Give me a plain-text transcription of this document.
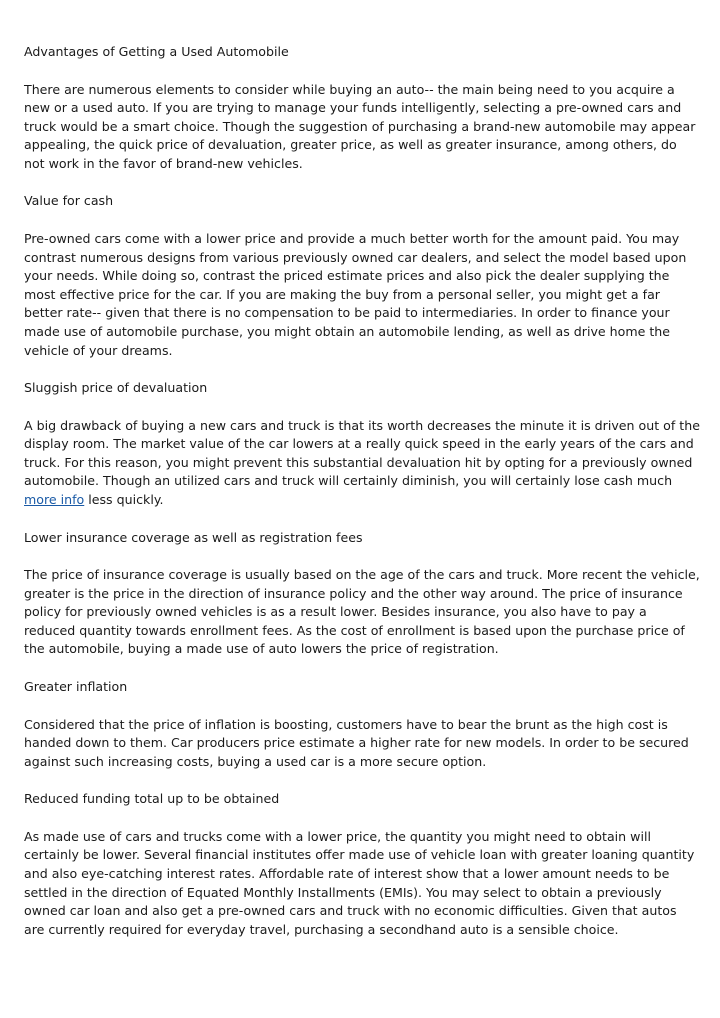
Advantages of Getting a Used Automobile

There are numerous elements to consider while buying an auto-- the main being need to you acquire a new or a used auto. If you are trying to manage your funds intelligently, selecting a pre-owned cars and truck would be a smart choice. Though the suggestion of purchasing a brand-new automobile may appear appealing, the quick price of devaluation, greater price, as well as greater insurance, among others, do not work in the favor of brand-new vehicles.

Value for cash

Pre-owned cars come with a lower price and provide a much better worth for the amount paid. You may contrast numerous designs from various previously owned car dealers, and select the model based upon your needs. While doing so, contrast the priced estimate prices and also pick the dealer supplying the most effective price for the car. If you are making the buy from a personal seller, you might get a far better rate-- given that there is no compensation to be paid to intermediaries. In order to finance your made use of automobile purchase, you might obtain an automobile lending, as well as drive home the vehicle of your dreams.

Sluggish price of devaluation

A big drawback of buying a new cars and truck is that its worth decreases the minute it is driven out of the display room. The market value of the car lowers at a really quick speed in the early years of the cars and truck. For this reason, you might prevent this substantial devaluation hit by opting for a previously owned automobile. Though an utilized cars and truck will certainly diminish, you will certainly lose cash much more info less quickly.

Lower insurance coverage as well as registration fees

The price of insurance coverage is usually based on the age of the cars and truck. More recent the vehicle, greater is the price in the direction of insurance policy and the other way around. The price of insurance policy for previously owned vehicles is as a result lower. Besides insurance, you also have to pay a reduced quantity towards enrollment fees. As the cost of enrollment is based upon the purchase price of the automobile, buying a made use of auto lowers the price of registration.

Greater inflation

Considered that the price of inflation is boosting, customers have to bear the brunt as the high cost is handed down to them. Car producers price estimate a higher rate for new models. In order to be secured against such increasing costs, buying a used car is a more secure option.

Reduced funding total up to be obtained

As made use of cars and trucks come with a lower price, the quantity you might need to obtain will certainly be lower. Several financial institutes offer made use of vehicle loan with greater loaning quantity and also eye-catching interest rates. Affordable rate of interest show that a lower amount needs to be settled in the direction of Equated Monthly Installments (EMIs). You may select to obtain a previously owned car loan and also get a pre-owned cars and truck with no economic difficulties. Given that autos are currently required for everyday travel, purchasing a secondhand auto is a sensible choice.
